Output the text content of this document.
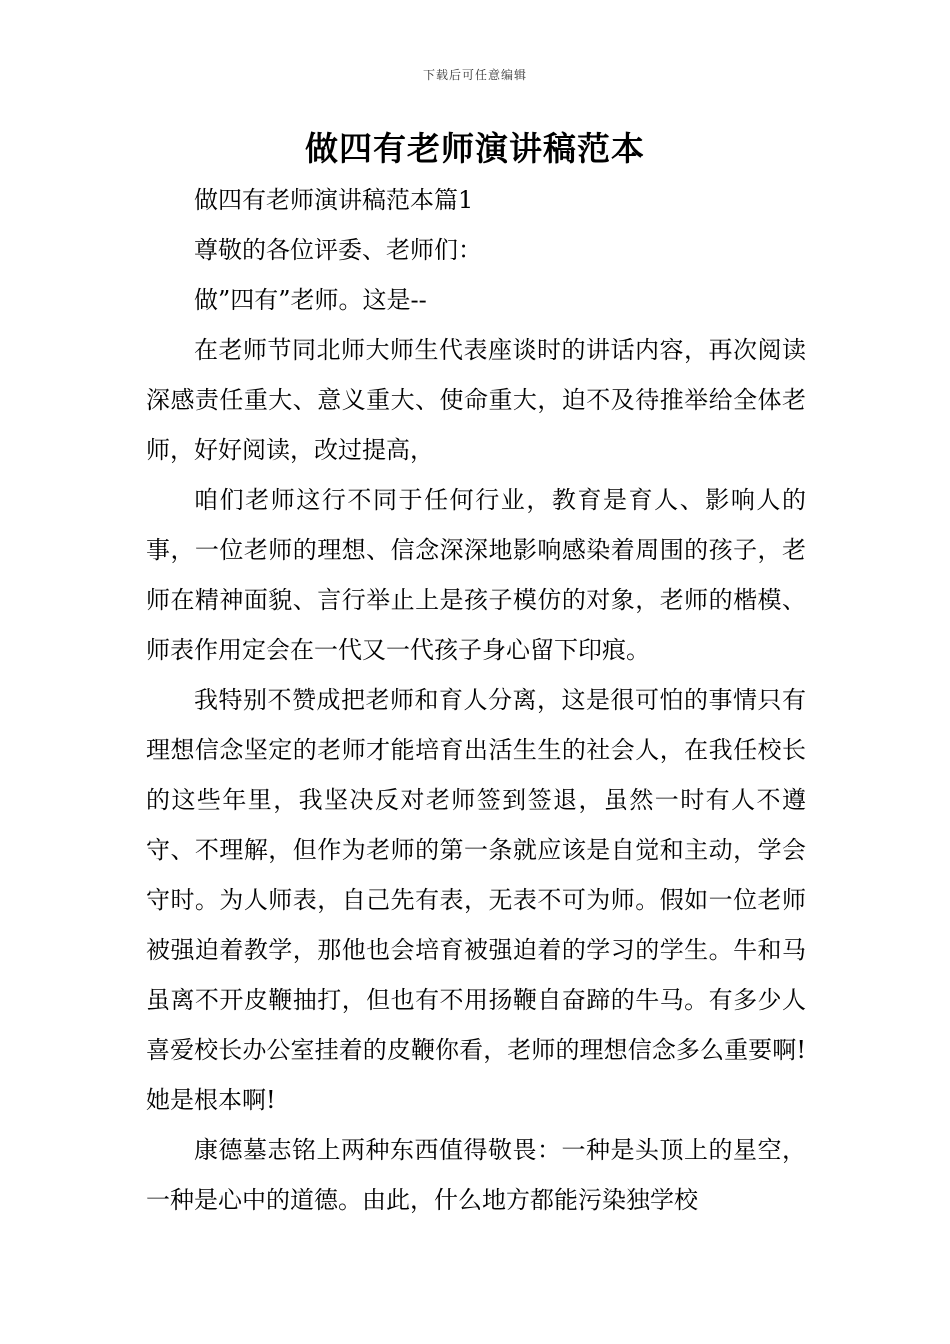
下载后可任意编辑
做四有老师演讲稿范本

做四有老师演讲稿范本篇1

尊敬的各位评委、老师们：

做”四有”老师。这是--

在老师节同北师大师生代表座谈时的讲话内容，再次阅读深感责任重大、意义重大、使命重大，迫不及待推举给全体老师，好好阅读，改过提高，

咱们老师这行不同于任何行业，教育是育人、影响人的事，一位老师的理想、信念深深地影响感染着周围的孩子，老师在精神面貌、言行举止上是孩子模仿的对象，老师的楷模、师表作用定会在一代又一代孩子身心留下印痕。

我特别不赞成把老师和育人分离，这是很可怕的事情只有理想信念坚定的老师才能培育出活生生的社会人，在我任校长的这些年里，我坚决反对老师签到签退，虽然一时有人不遵守、不理解，但作为老师的第一条就应该是自觉和主动，学会守时。为人师表，自己先有表，无表不可为师。假如一位老师被强迫着教学，那他也会培育被强迫着的学习的学生。牛和马虽离不开皮鞭抽打，但也有不用扬鞭自奋蹄的牛马。有多少人喜爱校长办公室挂着的皮鞭你看，老师的理想信念多么重要啊!她是根本啊!

康德墓志铭上两种东西值得敬畏：一种是头顶上的星空，一种是心中的道德。由此，什么地方都能污染独学校
